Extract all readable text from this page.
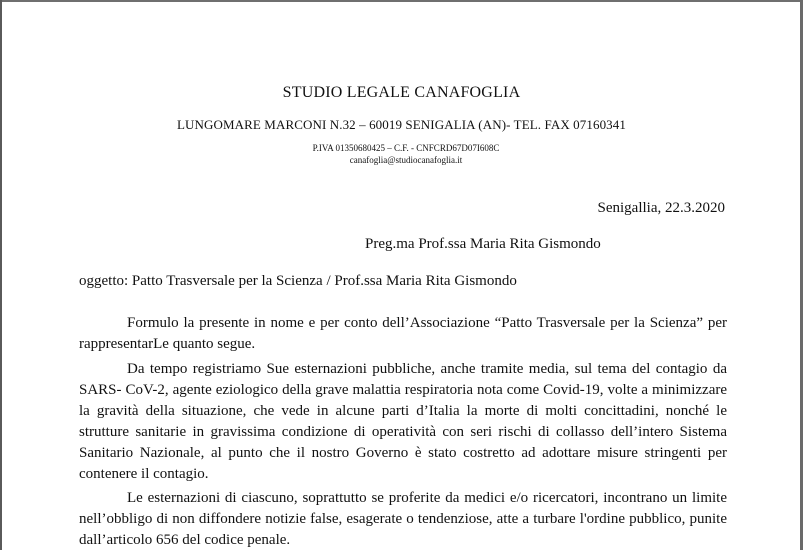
STUDIO LEGALE CANAFOGLIA
LUNGOMARE MARCONI N.32 – 60019 SENIGALIA (AN)- TEL. FAX 07160341
P.IVA 01350680425 – C.F. - CNFCRD67D07I608C
canafoglia@studiocanafoglia.it
Senigallia, 22.3.2020
Preg.ma Prof.ssa Maria Rita Gismondo
oggetto: Patto Trasversale per la Scienza / Prof.ssa Maria Rita Gismondo

Formulo la presente in nome e per conto dell’Associazione “Patto Trasversale per la Scienza” per rappresentarLe quanto segue.

Da tempo registriamo Sue esternazioni pubbliche, anche tramite media, sul tema del contagio da SARS- CoV-2, agente eziologico della grave malattia respiratoria nota come Covid-19, volte a minimizzare la gravità della situazione, che vede in alcune parti d’Italia la morte di molti concittadini, nonché le strutture sanitarie in gravissima condizione di operatività con seri rischi di collasso dell’intero Sistema Sanitario Nazionale, al punto che il nostro Governo è stato costretto ad adottare misure stringenti per contenere il contagio.

Le esternazioni di ciascuno, soprattutto se proferite da medici e/o ricercatori, incontrano un limite nell’obbligo di non diffondere notizie false, esagerate o tendenziose, atte a turbare l'ordine pubblico, punite dall’articolo 656 del codice penale.
